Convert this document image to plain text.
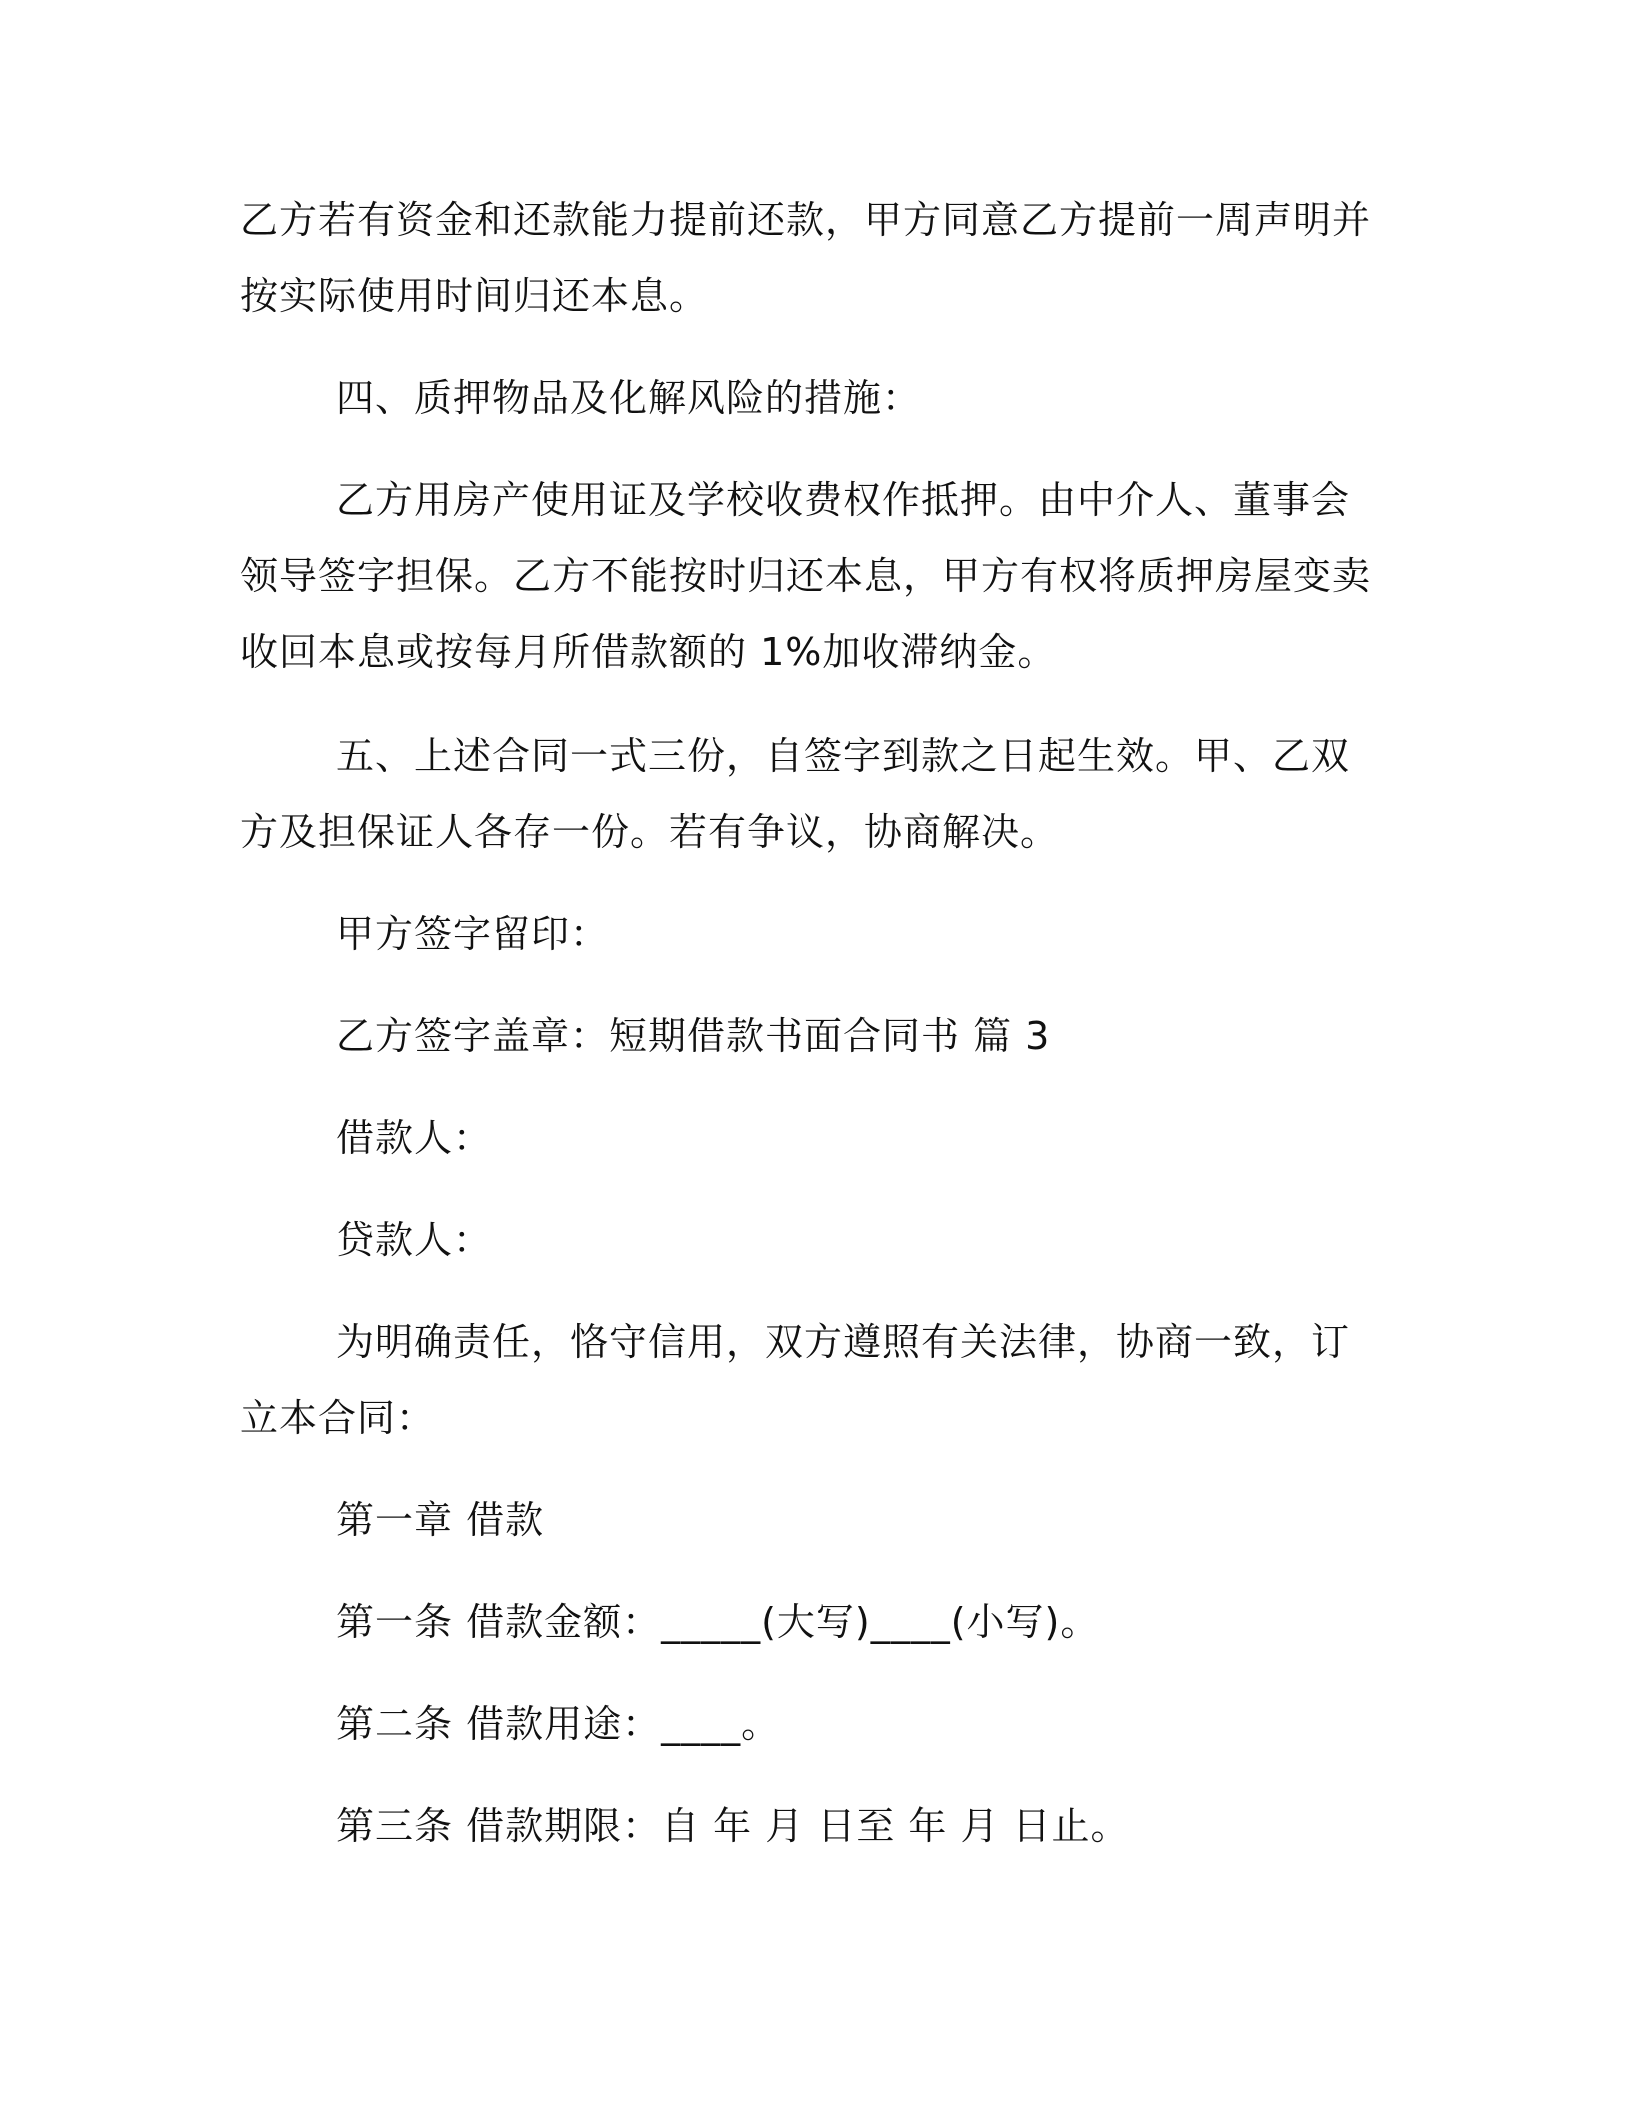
乙方若有资金和还款能力提前还款，甲方同意乙方提前一周声明并按实际使用时间归还本息。

四、质押物品及化解风险的措施：

乙方用房产使用证及学校收费权作抵押。由中介人、董事会领导签字担保。乙方不能按时归还本息，甲方有权将质押房屋变卖收回本息或按每月所借款额的 1%加收滞纳金。

五、上述合同一式三份，自签字到款之日起生效。甲、乙双方及担保证人各存一份。若有争议，协商解决。

甲方签字留印：

乙方签字盖章：短期借款书面合同书 篇 3

借款人：

贷款人：

为明确责任，恪守信用，双方遵照有关法律，协商一致，订立本合同：

第一章 借款

第一条 借款金额：_____(大写)____(小写)。

第二条 借款用途：____。

第三条 借款期限：自 年 月 日至 年 月 日止。
